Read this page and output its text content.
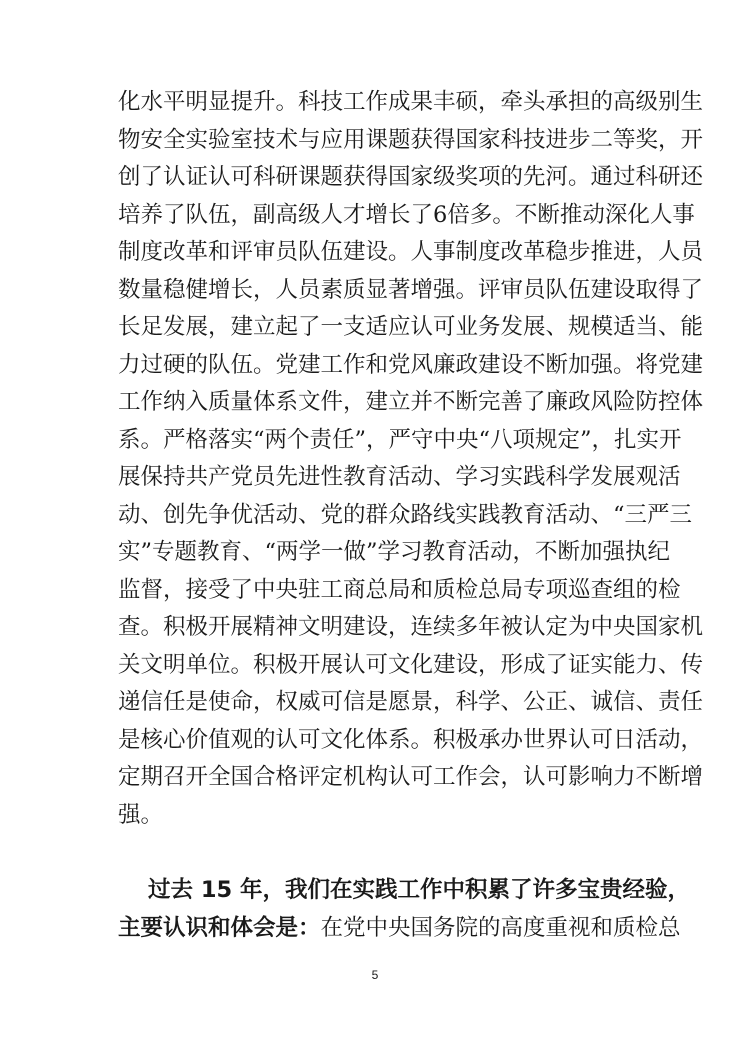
化水平明显提升。科技工作成果丰硕，牵头承担的高级别生
物安全实验室技术与应用课题获得国家科技进步二等奖，开
创了认证认可科研课题获得国家级奖项的先河。通过科研还
培养了队伍，副高级人才增长了6倍多。不断推动深化人事
制度改革和评审员队伍建设。人事制度改革稳步推进，人员
数量稳健增长，人员素质显著增强。评审员队伍建设取得了
长足发展，建立起了一支适应认可业务发展、规模适当、能
力过硬的队伍。党建工作和党风廉政建设不断加强。将党建
工作纳入质量体系文件，建立并不断完善了廉政风险防控体
系。严格落实“两个责任”，严守中央“八项规定”，扎实开
展保持共产党员先进性教育活动、学习实践科学发展观活
动、创先争优活动、党的群众路线实践教育活动、“三严三
实”专题教育、“两学一做”学习教育活动，不断加强执纪
监督，接受了中央驻工商总局和质检总局专项巡查组的检
查。积极开展精神文明建设，连续多年被认定为中央国家机
关文明单位。积极开展认可文化建设，形成了证实能力、传
递信任是使命，权威可信是愿景，科学、公正、诚信、责任
是核心价值观的认可文化体系。积极承办世界认可日活动，
定期召开全国合格评定机构认可工作会，认可影响力不断增
强。
过去 15 年，我们在实践工作中积累了许多宝贵经验，
主要认识和体会是：在党中央国务院的高度重视和质检总
5
